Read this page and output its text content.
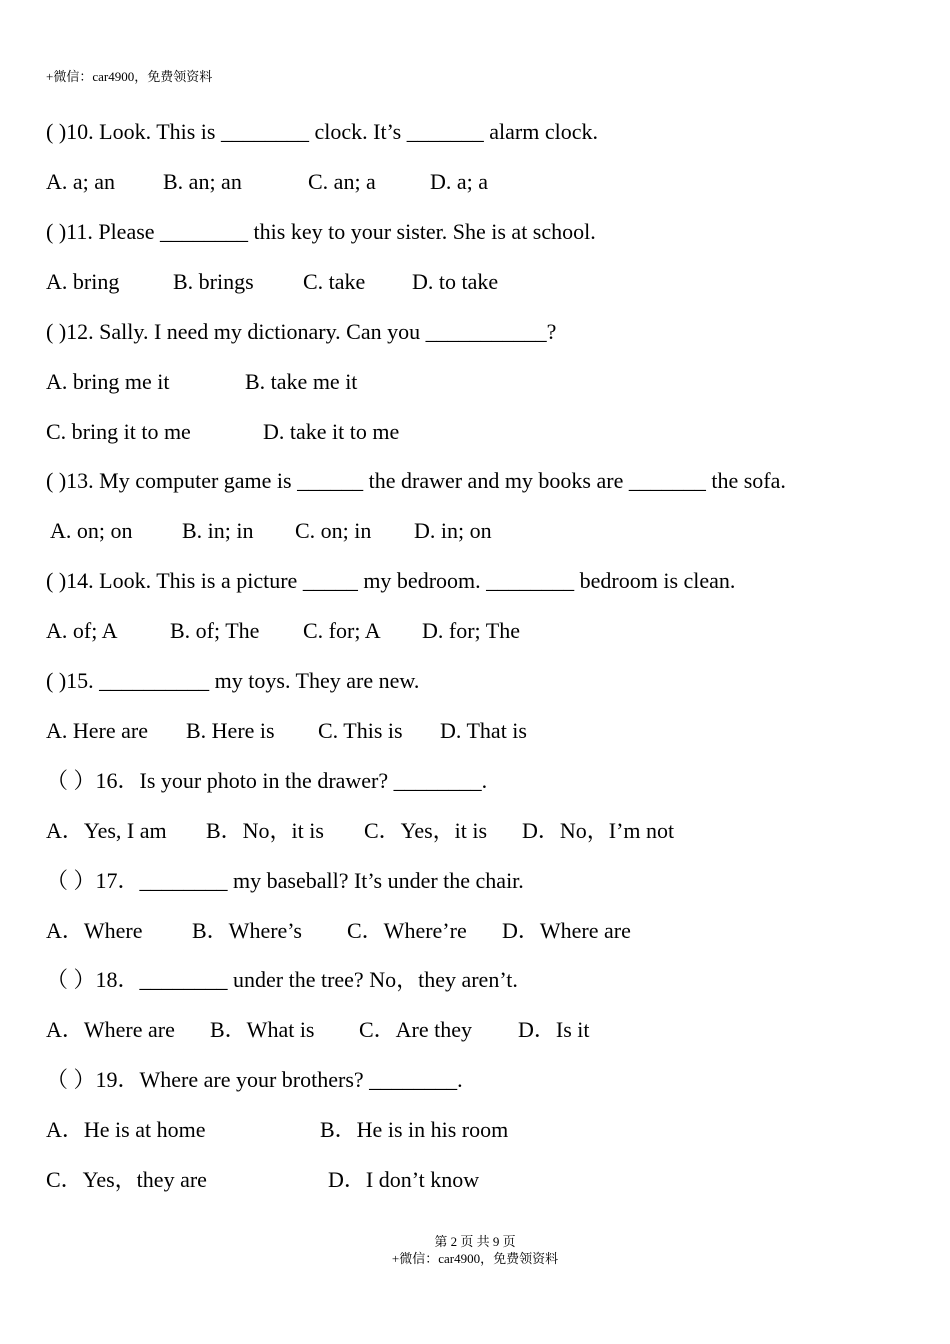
+微信：car4900，免费领资料
( )10. Look. This is ________ clock. It’s _______ alarm clock.
A. a; an B. an; an	C. an; a D. a; a
( )11. Please ________ this key to your sister. She is at school.
A. bring B. brings C. take D. to take
( )12. Sally. I need my dictionary. Can you ___________?
A. bring me it	B. take me it
C. bring it to me	D. take it to me
( )13. My computer game is ______ the drawer and my books are _______ the sofa.
A. on; on B. in; in C. on; in D. in; on
( )14. Look. This is a picture _____ my bedroom. ________ bedroom is clean.
A. of; A B. of; The C. for; A D. for; The
( )15. __________ my toys. They are new.
A. Here are B. Here is C. This is D. That is
（ ）16．Is your photo in the drawer? ________.
A．Yes, I am B．No，it is C．Yes，it is D．No，I’m not
（ ）17．________ my baseball? It’s under the chair.
A．Where B．Where’s C．Where’re D．Where are
（ ）18．________ under the tree? No，they aren’t.
A．Where are B．What is C．Are they D．Is it
（ ）19．Where are your brothers? ________.
A．He is at home	B．He is in his room
C．Yes，they are	D．I don’t know
第 2 页 共 9 页
+微信：car4900，免费领资料
